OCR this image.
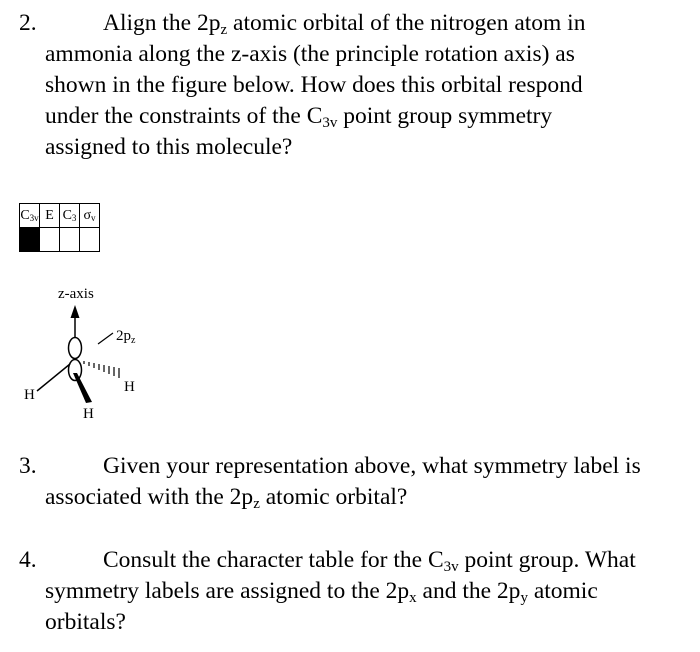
2.	Align the $2p_z$ atomic orbital of the nitrogen atom in
ammonia along the z-axis (the principle rotation axis) as
shown in the figure below. How does this orbital respond
under the constraints of the $C_{3v}$ point group symmetry
assigned to this molecule?
$C_{3v}$	E	$C_3$	$\sigma_v$

z-axis
$2p_z$
H	H
H
3.	Given your representation above, what symmetry label is
associated with the $2p_z$ atomic orbital?
4.	Consult the character table for the $C_{3v}$ point group. What
symmetry labels are assigned to the $2p_x$ and the $2p_y$ atomic
orbitals?
